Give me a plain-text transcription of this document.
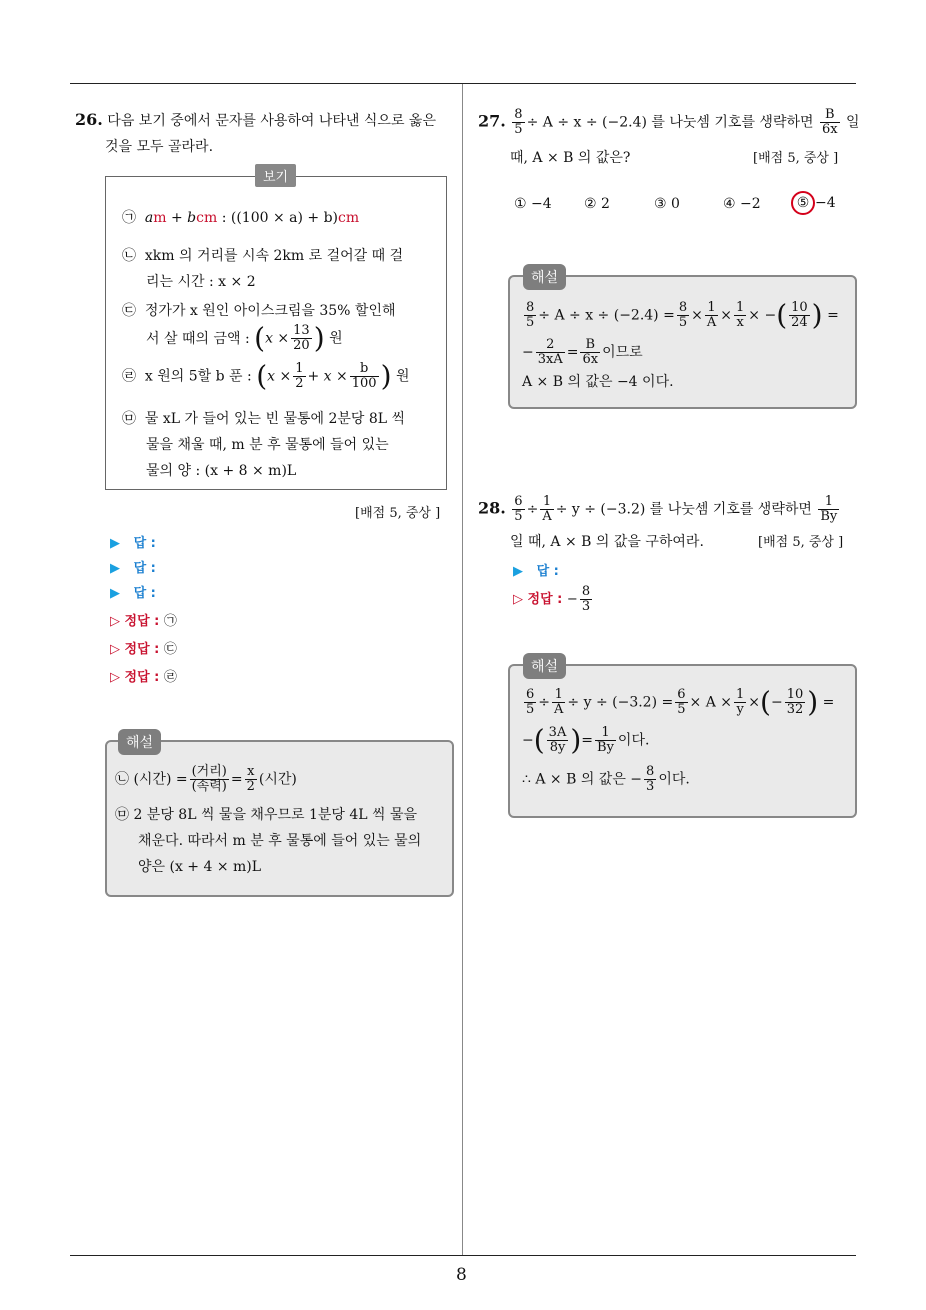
26. 다음 보기 중에서 문자를 사용하여 나타낸 식으로 옳은
것을 모두 골라라.
보기
㉠ am + bcm : ((100 × a) + b)cm
㉡ xkm 의 거리를 시속 2km 로 걸어갈 때 걸
리는 시간 : x × 2
㉢ 정가가 x 원인 아이스크림을 35% 할인해
서 살 때의 금액 : ($x \times \frac{13}{20}$ ) 원
㉣ x 원의 5할 b 푼 : ($x \times \frac{1}{2} + x \times \frac{b}{100}$ ) 원
㉤ 물 xL 가 들어 있는 빈 물통에 2분당 8L 씩
물을 채울 때, m 분 후 물통에 들어 있는
물의 양 : (x + 8 × m)L
[배점 5, 중상 ]
▶ 답 :
▶ 답 :
▶ 답 :
▷ 정답 : ㉠
▷ 정답 : ㉢
▷ 정답 : ㉣
해설
㉡ (시간) = $\frac{\text{(거리)}}{\text{(속력)}} = \frac{x}{2}$ (시간)
㉤ 2 분당 8L 씩 물을 채우므로 1분당 4L 씩 물을
채운다. 따라서 m 분 후 물통에 들어 있는 물의
양은 (x + 4 × m)L
27. $\frac{8}{5} \div A \div x \div (-2.4)$ 를 나눗셈 기호를 생략하면 $\frac{B}{6x}$ 일
때, A × B 의 값은?	[배점 5, 중상 ]
① −4 ② 2	③ 0	④ −2	⑤ −4
해설
$\frac{8}{5} \div A \div x \div (-2.4) = \frac{8}{5} \times \frac{1}{A} \times \frac{1}{x}$ × −( $\frac{10}{24}$ ) =
− $\frac{2}{3xA} = \frac{B}{6x}$ 이므로
A × B 의 값은 −4 이다.
28. $\frac{6}{5} \div \frac{1}{A} \div y \div (-3.2)$ 를 나눗셈 기호를 생략하면 $\frac{1}{By}$
일 때, A × B 의 값을 구하여라.	[배점 5, 중상 ]
▶ 답 :
▷ 정답 : − $\frac{8}{3}$
해설
$\frac{6}{5} \div \frac{1}{A} \div y \div (-3.2) = \frac{6}{5} \times A \times \frac{1}{y}$ ×(− $\frac{10}{32}$ ) =
−( $\frac{3A}{8y}$ )= $\frac{1}{By}$ 이다.
∴ A × B 의 값은 − $\frac{8}{3}$ 이다.
8
